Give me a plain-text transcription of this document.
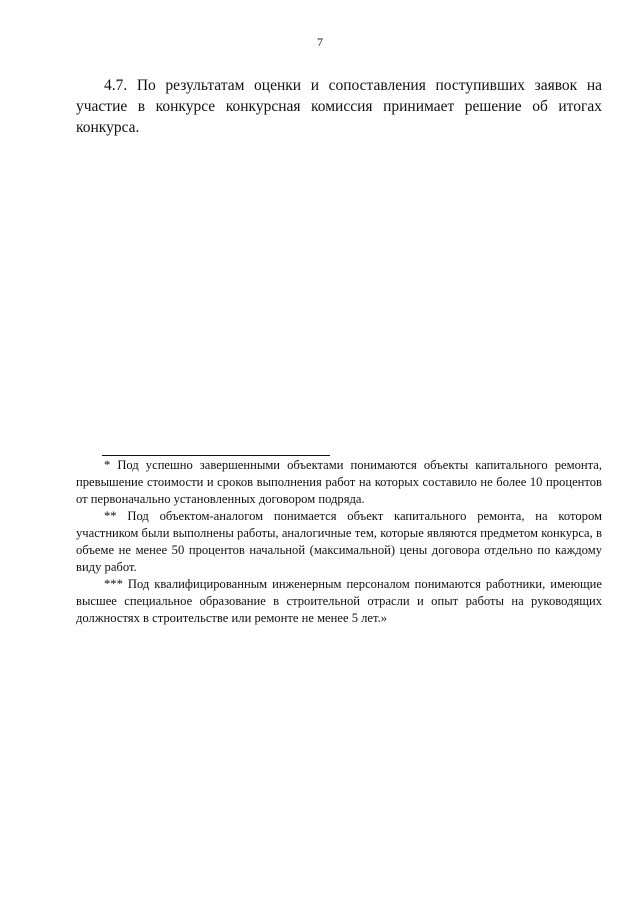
7

4.7. По результатам оценки и сопоставления поступивших заявок на участие в конкурсе конкурсная комиссия принимает решение об итогах конкурса.

* Под успешно завершенными объектами понимаются объекты капитального ремонта, превышение стоимости и сроков выполнения работ на которых составило не более 10 процентов от первоначально установленных договором подряда.

** Под объектом-аналогом понимается объект капитального ремонта, на котором участником были выполнены работы, аналогичные тем, которые являются предметом конкурса, в объеме не менее 50 процентов начальной (максимальной) цены договора отдельно по каждому виду работ.

*** Под квалифицированным инженерным персоналом понимаются работники, имеющие высшее специальное образование в строительной отрасли и опыт работы на руководящих должностях в строительстве или ремонте не менее 5 лет.»
